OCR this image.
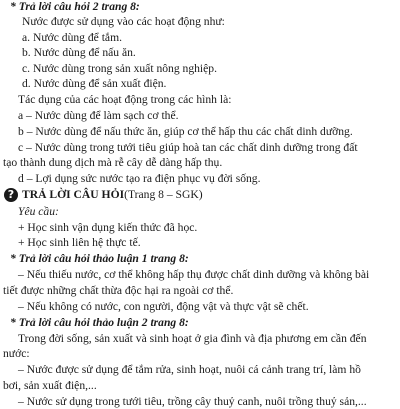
* Trả lời câu hỏi 2 trang 8:
Nước được sử dụng vào các hoạt động như:
a. Nước dùng để tắm.
b. Nước dùng để nấu ăn.
c. Nước dùng trong sản xuất nông nghiệp.
d. Nước dùng để sản xuất điện.
Tác dụng của các hoạt động trong các hình là:
a – Nước dùng để làm sạch cơ thể.
b – Nước dùng để nấu thức ăn, giúp cơ thể hấp thu các chất dinh dưỡng.
c – Nước dùng trong tưới tiêu giúp hoà tan các chất dinh dưỡng trong đất
tạo thành dung dịch mà rễ cây dễ dàng hấp thụ.
d – Lợi dụng sức nước tạo ra điện phục vụ đời sống.
? TRẢ LỜI CÂU HỎI (Trang 8 – SGK)
Yêu cầu:
+ Học sinh vận dụng kiến thức đã học.
+ Học sinh liên hệ thực tế.
* Trả lời câu hỏi thảo luận 1 trang 8:
– Nếu thiếu nước, cơ thể không hấp thụ được chất dinh dưỡng và không bài
tiết được những chất thừa độc hại ra ngoài cơ thể.
– Nếu không có nước, con người, động vật và thực vật sẽ chết.
* Trả lời câu hỏi thảo luận 2 trang 8:
Trong đời sống, sản xuất và sinh hoạt ở gia đình và địa phương em cần đến
nước:
– Nước được sử dụng để tắm rửa, sinh hoạt, nuôi cá cảnh trang trí, làm hồ
bơi, sản xuất điện,...
– Nước sử dụng trong tưới tiêu, trồng cây thuỷ canh, nuôi trồng thuỷ sản,...
